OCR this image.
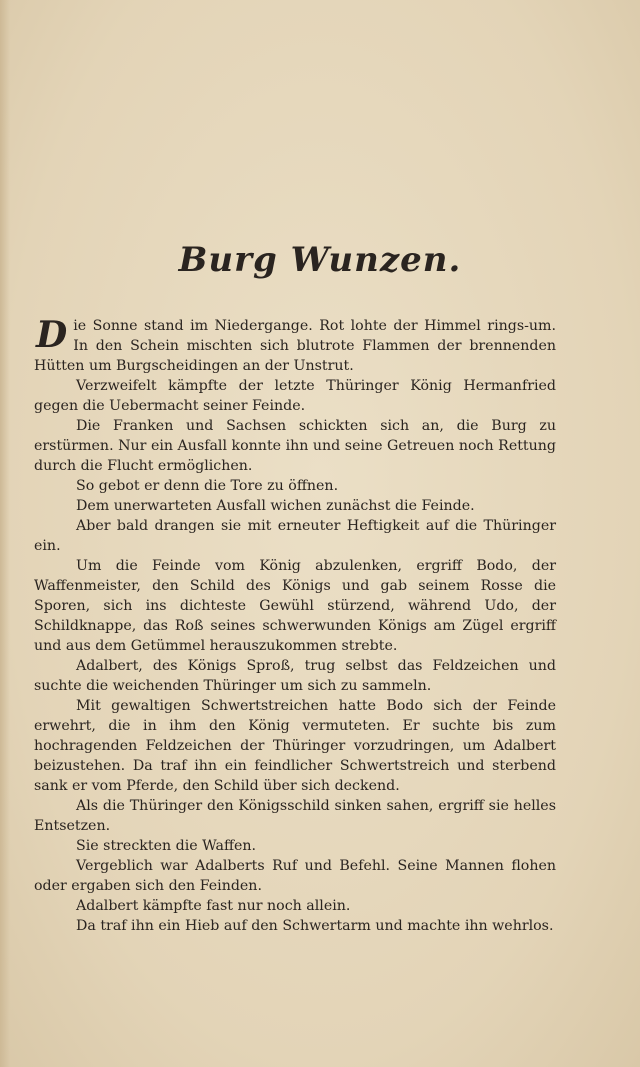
Burg Wunzen.

Die Sonne stand im Niedergange. Rot lohte der Himmel rings-um. In den Schein mischten sich blutrote Flammen der brennenden Hütten um Burgscheidingen an der Unstrut.

Verzweifelt kämpfte der letzte Thüringer König Hermanfried gegen die Uebermacht seiner Feinde.

Die Franken und Sachsen schickten sich an, die Burg zu erstürmen. Nur ein Ausfall konnte ihn und seine Getreuen noch Rettung durch die Flucht ermöglichen.

So gebot er denn die Tore zu öffnen.

Dem unerwarteten Ausfall wichen zunächst die Feinde.

Aber bald drangen sie mit erneuter Heftigkeit auf die Thüringer ein.

Um die Feinde vom König abzulenken, ergriff Bodo, der Waffenmeister, den Schild des Königs und gab seinem Rosse die Sporen, sich ins dichteste Gewühl stürzend, während Udo, der Schildknappe, das Roß seines schwerwunden Königs am Zügel ergriff und aus dem Getümmel herauszukommen strebte.

Adalbert, des Königs Sproß, trug selbst das Feldzeichen und suchte die weichenden Thüringer um sich zu sammeln.

Mit gewaltigen Schwertstreichen hatte Bodo sich der Feinde erwehrt, die in ihm den König vermuteten. Er suchte bis zum hochragenden Feldzeichen der Thüringer vorzudringen, um Adalbert beizustehen. Da traf ihn ein feindlicher Schwertstreich und sterbend sank er vom Pferde, den Schild über sich deckend.

Als die Thüringer den Königsschild sinken sahen, ergriff sie helles Entsetzen.

Sie streckten die Waffen.

Vergeblich war Adalberts Ruf und Befehl. Seine Mannen flohen oder ergaben sich den Feinden.

Adalbert kämpfte fast nur noch allein.

Da traf ihn ein Hieb auf den Schwertarm und machte ihn wehrlos.
